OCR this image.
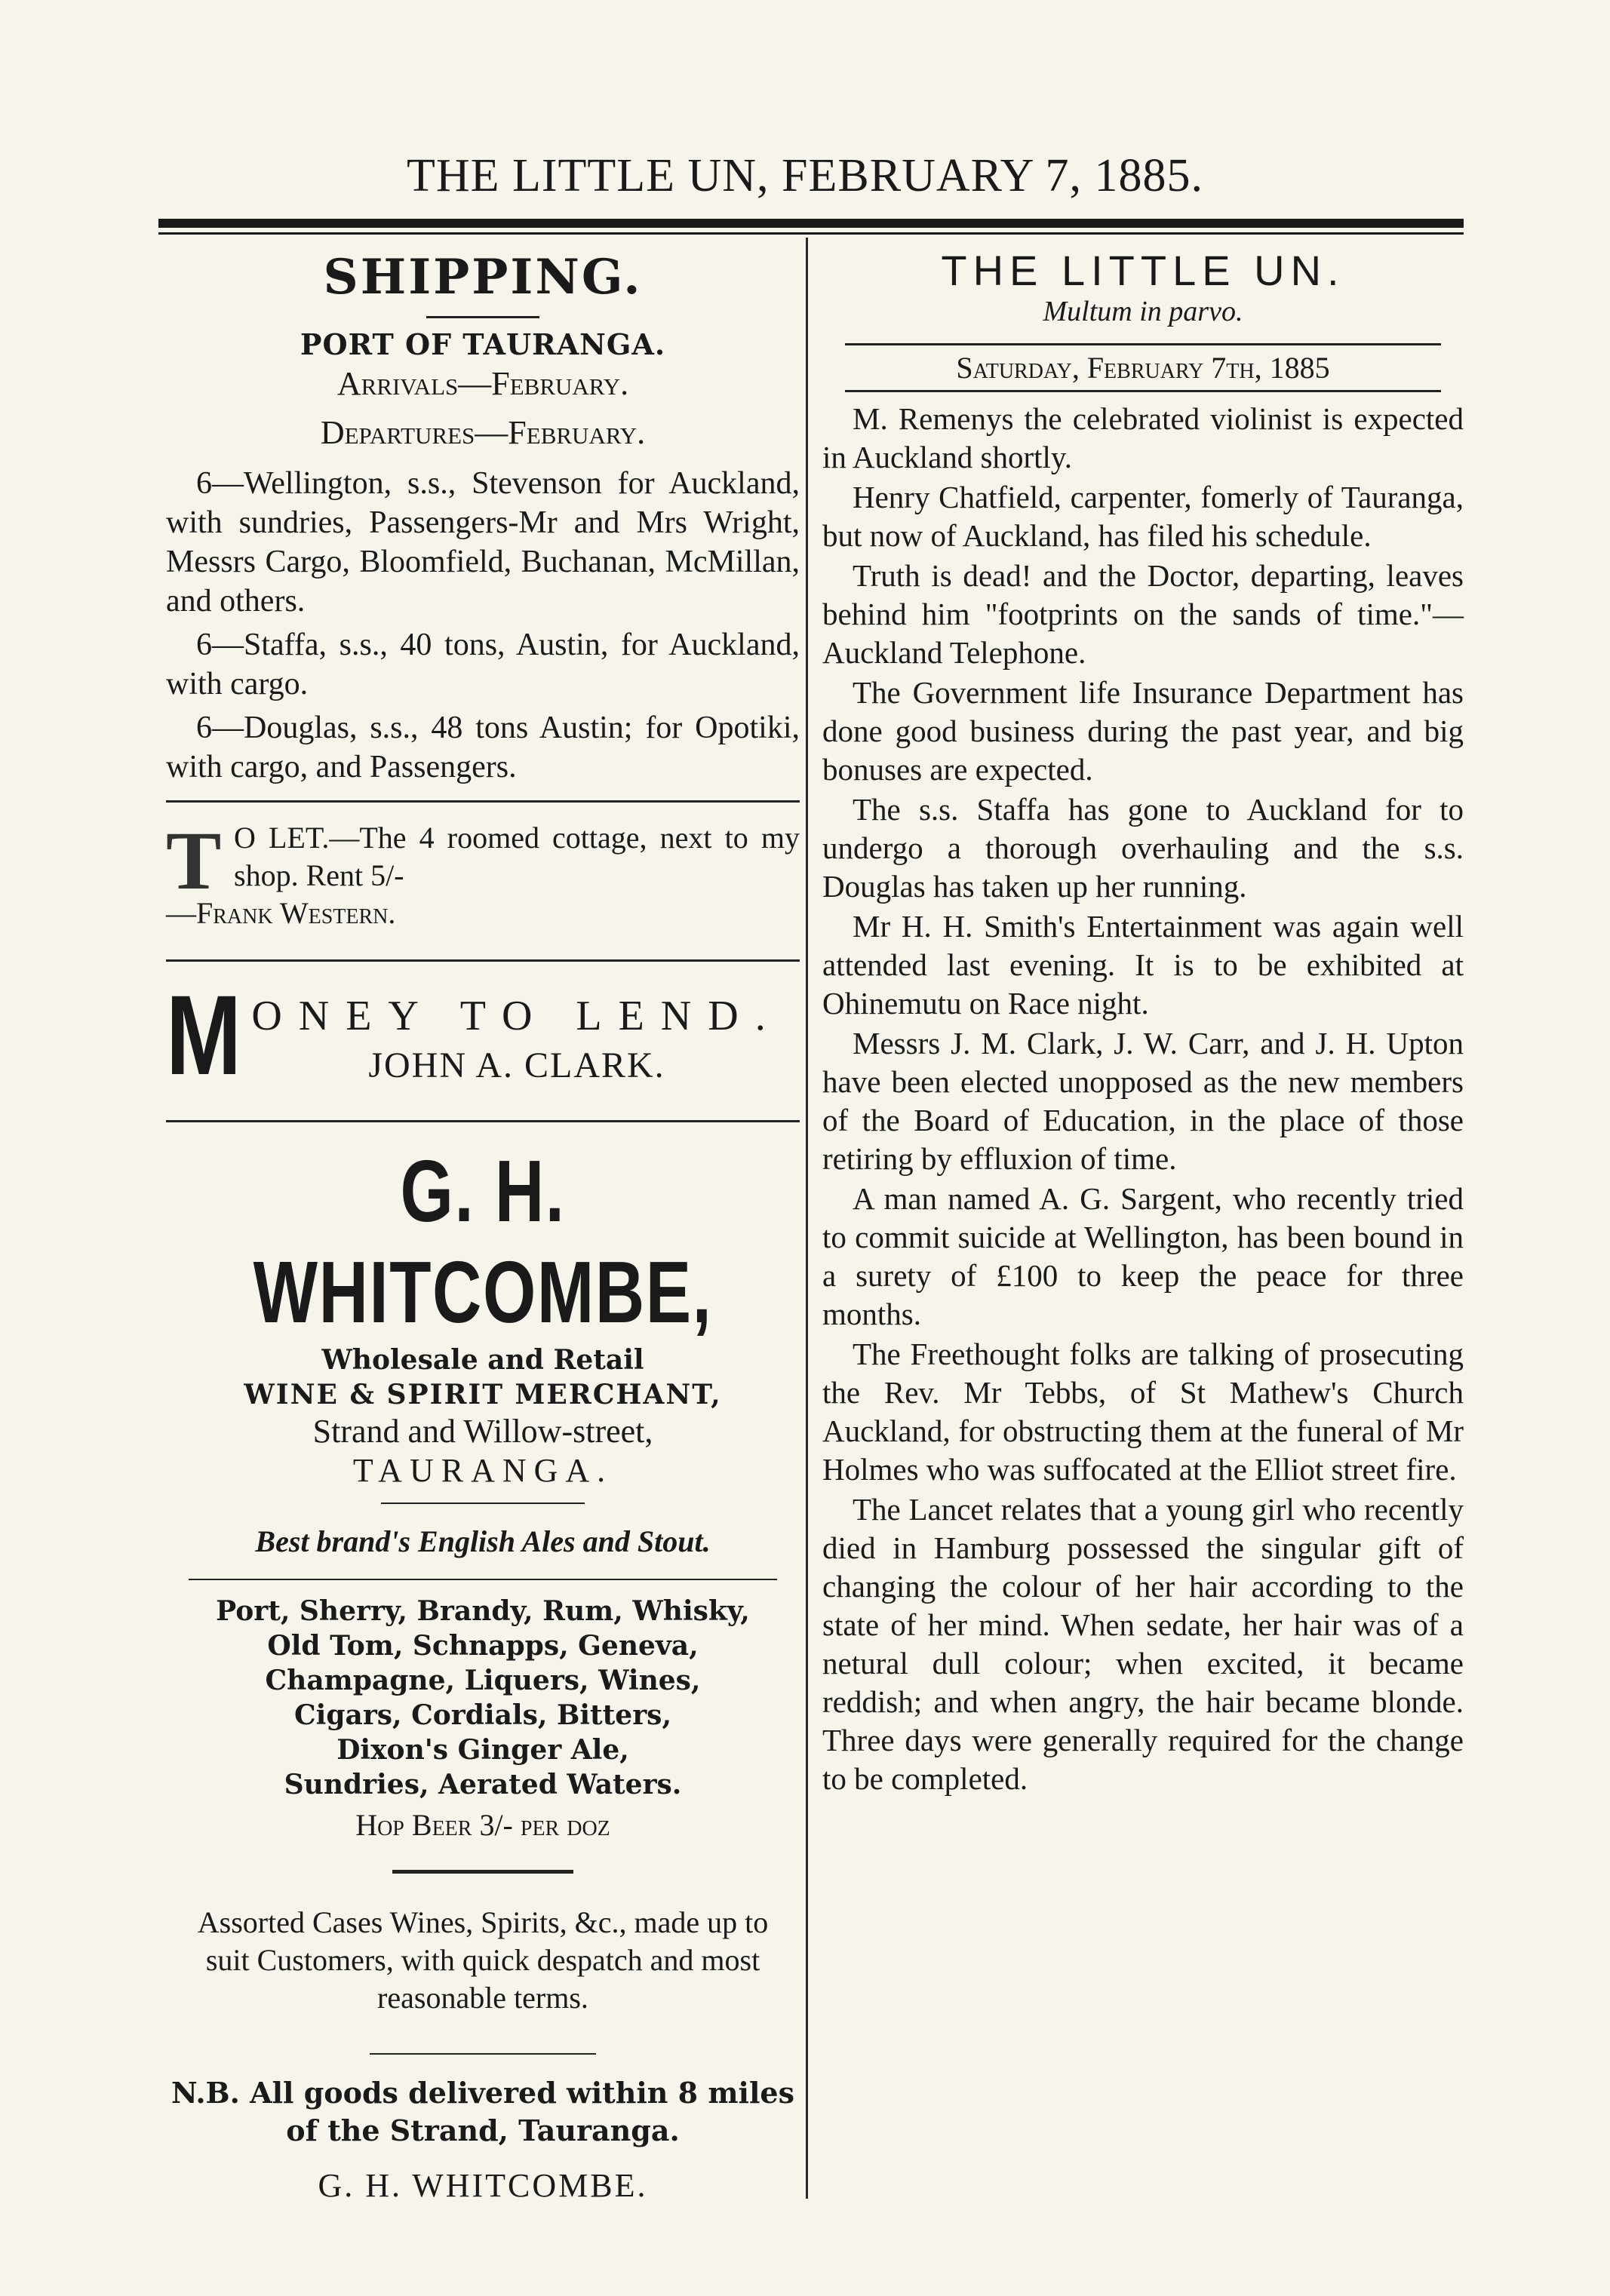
THE LITTLE UN, FEBRUARY 7, 1885.
SHIPPING.
PORT OF TAURANGA.
Arrivals—February.
Departures—February.

6—Wellington, s.s., Stevenson for Auckland, with sundries, Passengers-Mr and Mrs Wright, Messrs Cargo, Bloomfield, Buchanan, McMillan, and others.

6—Staffa, s.s., 40 tons, Austin, for Auckland, with cargo.

6—Douglas, s.s., 48 tons Austin; for Opotiki, with cargo, and Passengers.

T O LET.—The 4 roomed cottage, next to my shop. Rent 5/-
—Frank Western.
M ONEY TO LEND.
JOHN A. CLARK.
G. H. WHITCOMBE,
Wholesale and Retail
WINE & SPIRIT MERCHANT,
Strand and Willow-street,
TAURANGA.
Best brand's English Ales and Stout.
Port, Sherry, Brandy, Rum, Whisky,
Old Tom, Schnapps, Geneva,
Champagne, Liquers, Wines,
Cigars, Cordials, Bitters,
Dixon's Ginger Ale,
Sundries, Aerated Waters.
Hop Beer 3/- per doz
Assorted Cases Wines, Spirits, &c., made up to suit Customers, with quick despatch and most reasonable terms.
N.B. All goods delivered within 8 miles of the Strand, Tauranga.
G. H. WHITCOMBE.
THE LITTLE UN.
Multum in parvo.
Saturday, February 7th, 1885

M. Remenys the celebrated violinist is expected in Auckland shortly.

Henry Chatfield, carpenter, fomerly of Tauranga, but now of Auckland, has filed his schedule.

Truth is dead! and the Doctor, departing, leaves behind him "footprints on the sands of time."—Auckland Telephone.

The Government life Insurance Department has done good business during the past year, and big bonuses are expected.

The s.s. Staffa has gone to Auckland for to undergo a thorough overhauling and the s.s. Douglas has taken up her running.

Mr H. H. Smith's Entertainment was again well attended last evening. It is to be exhibited at Ohinemutu on Race night.

Messrs J. M. Clark, J. W. Carr, and J. H. Upton have been elected unopposed as the new members of the Board of Education, in the place of those retiring by effluxion of time.

A man named A. G. Sargent, who recently tried to commit suicide at Wellington, has been bound in a surety of £100 to keep the peace for three months.

The Freethought folks are talking of prosecuting the Rev. Mr Tebbs, of St Mathew's Church Auckland, for obstructing them at the funeral of Mr Holmes who was suffocated at the Elliot street fire.

The Lancet relates that a young girl who recently died in Hamburg possessed the singular gift of changing the colour of her hair according to the state of her mind. When sedate, her hair was of a netural dull colour; when excited, it became reddish; and when angry, the hair became blonde. Three days were generally required for the change to be completed.
